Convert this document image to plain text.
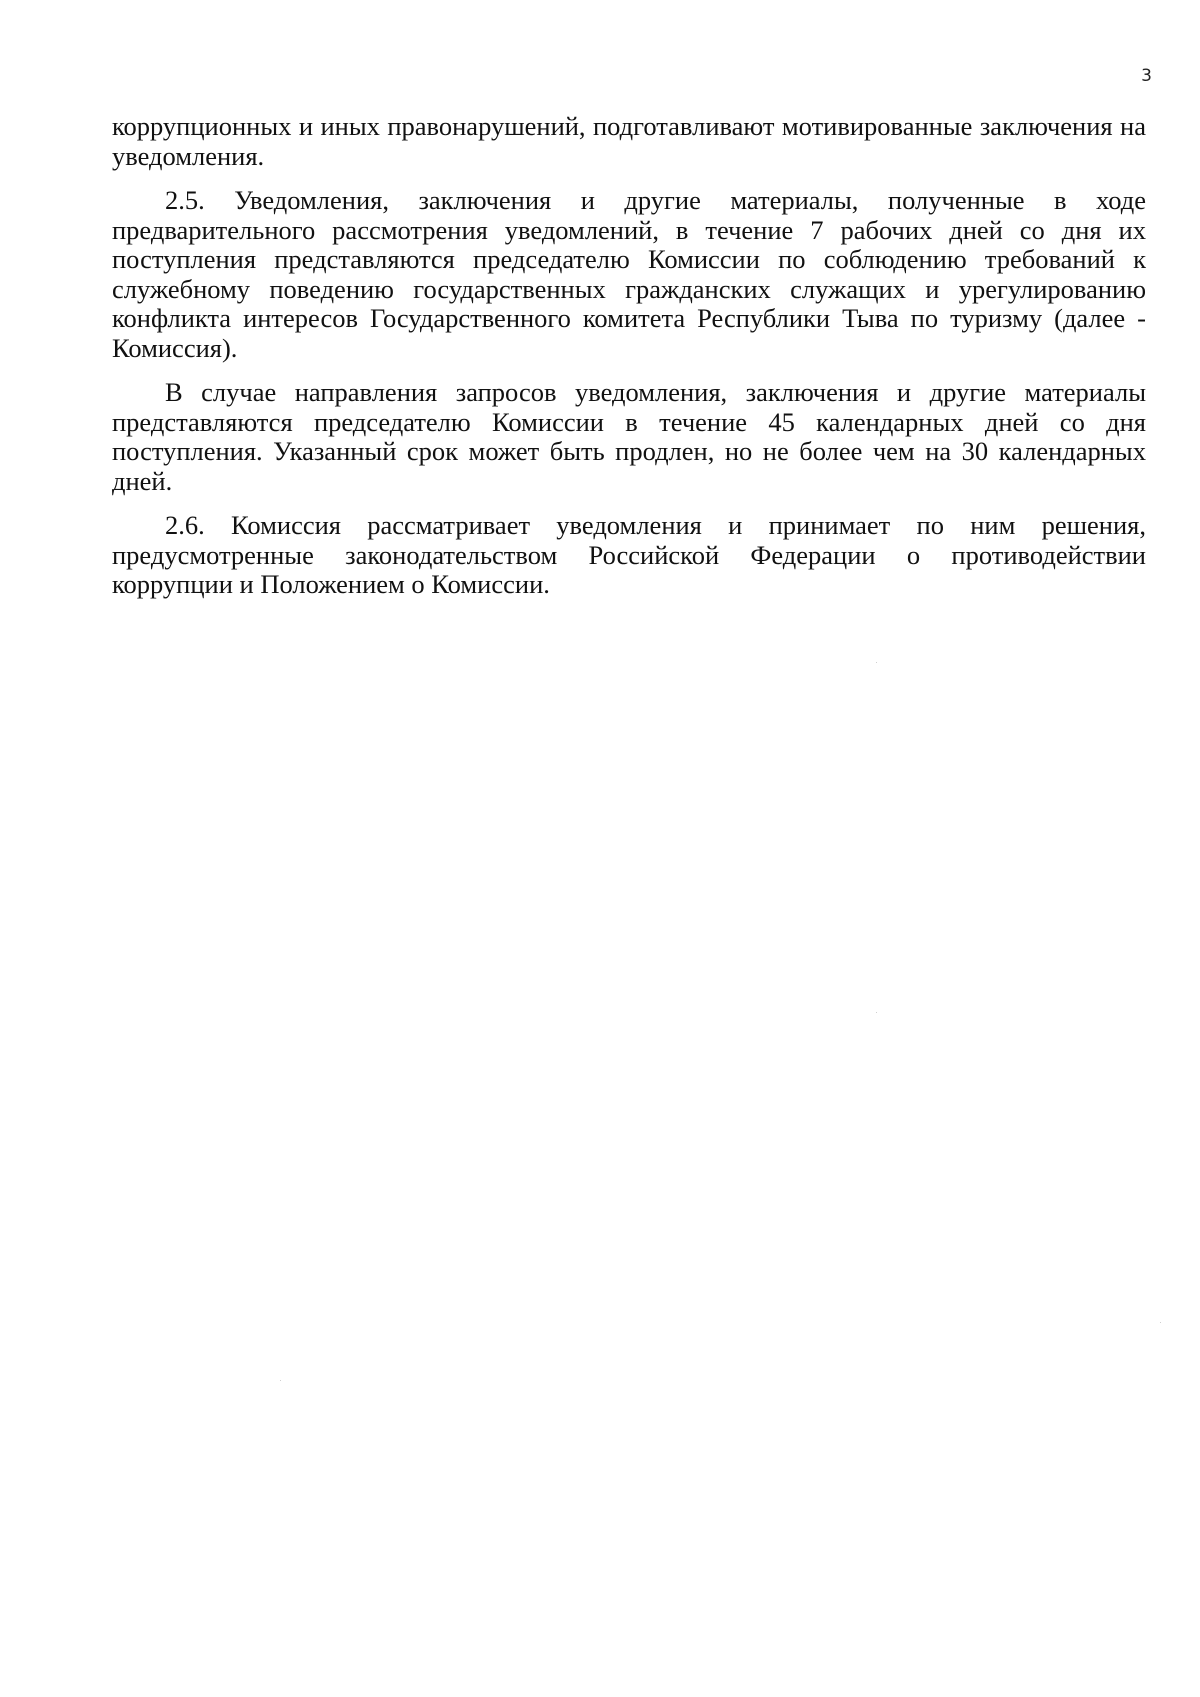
3

коррупционных и иных правонарушений, подготавливают мотивированные заключения на уведомления.

2.5. Уведомления, заключения и другие материалы, полученные в ходе предварительного рассмотрения уведомлений, в течение 7 рабочих дней со дня их поступления представляются председателю Комиссии по соблюдению требований к служебному поведению государственных гражданских служащих и урегулированию конфликта интересов Государственного комитета Республики Тыва по туризму (далее - Комиссия).

В случае направления запросов уведомления, заключения и другие материалы представляются председателю Комиссии в течение 45 календарных дней со дня поступления. Указанный срок может быть продлен, но не более чем на 30 календарных дней.

2.6. Комиссия рассматривает уведомления и принимает по ним решения, предусмотренные законодательством Российской Федерации о противодействии коррупции и Положением о Комиссии.
